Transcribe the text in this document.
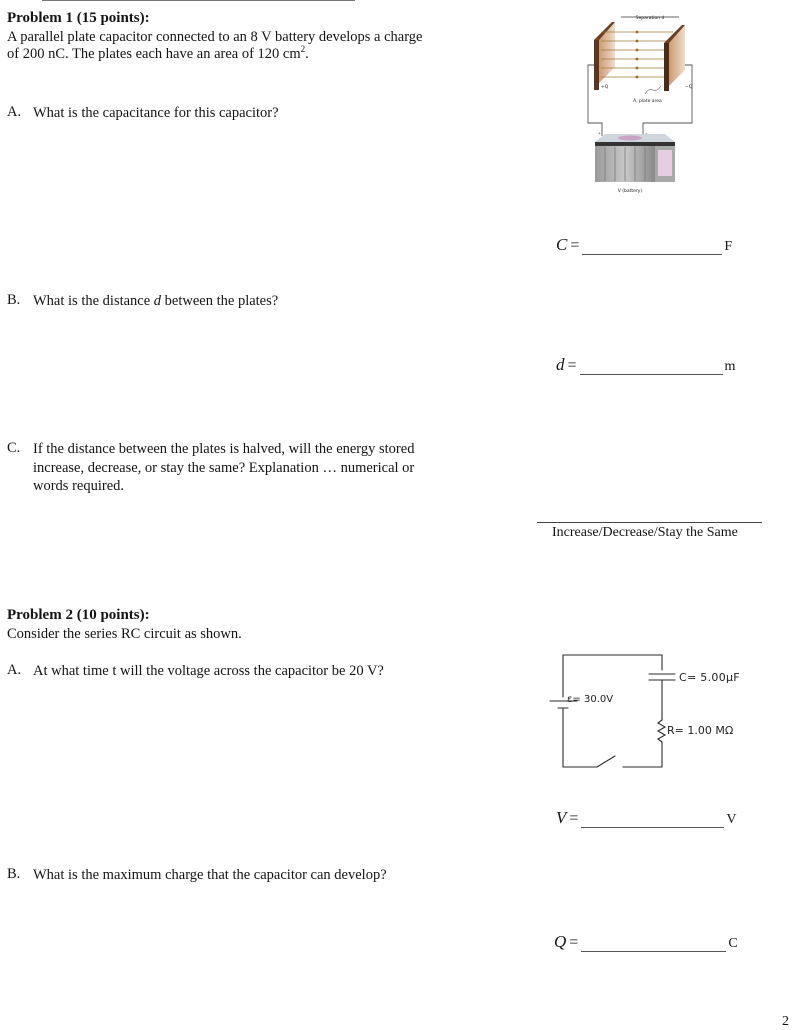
Problem 1 (15 points):
A parallel plate capacitor connected to an 8 V battery develops a charge
of 200 nC. The plates each have an area of 120 $cm^2$.
A. What is the capacitance for this capacitor?
Separation d
+Q	−Q
A, plate area
+
V (battery)
C =	F
B. What is the distance d between the plates?
d =	m
C. If the distance between the plates is halved, will the energy stored
increase, decrease, or stay the same? Explanation … numerical or
words required.
Increase/Decrease/Stay the Same
Problem 2 (10 points):
Consider the series RC circuit as shown.
A. At what time t will the voltage across the capacitor be 20 V?	C= 5.00μF
ε= 30.0V
R= 1.00 MΩ
V =	V
B. What is the maximum charge that the capacitor can develop?
Q =	C
2
